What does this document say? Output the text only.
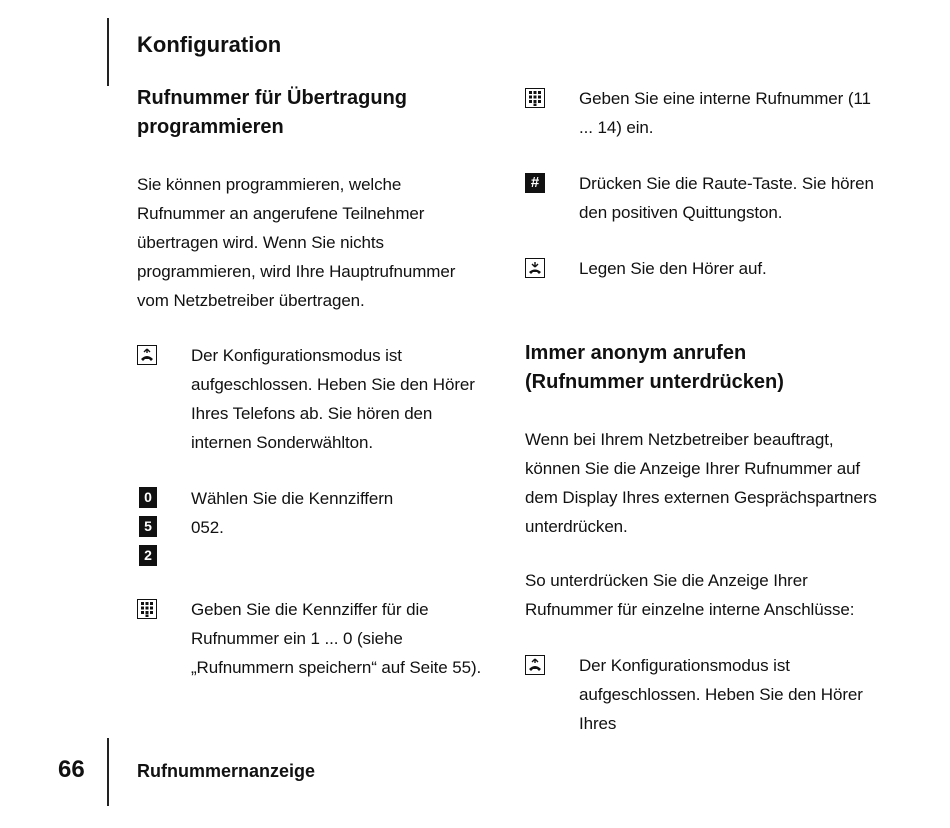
Konfiguration
Rufnummer für Übertragung programmieren

Sie können programmieren, welche Rufnummer an angerufene Teilnehmer übertragen wird. Wenn Sie nichts programmieren, wird Ihre Hauptrufnummer vom Netzbetreiber übertragen.

Der Konfigurationsmodus ist aufgeschlossen. Heben Sie den Hörer Ihres Telefons ab. Sie hören den internen Sonderwählton.

0
5
2

Wählen Sie die Kennziffern 052.

Geben Sie die Kennziffer für die Rufnummer ein 1 ... 0 (siehe „Rufnummern speichern“ auf Seite 55).

Geben Sie eine interne Rufnummer (11 ... 14) ein.

#	Drücken Sie die Raute-Taste. Sie hören den positiven Quittungston.

Legen Sie den Hörer auf.

Immer anonym anrufen (Rufnummer unterdrücken)

Wenn bei Ihrem Netzbetreiber beauftragt, können Sie die Anzeige Ihrer Rufnummer auf dem Display Ihres externen Gesprächspartners unterdrücken.

So unterdrücken Sie die Anzeige Ihrer Rufnummer für einzelne interne Anschlüsse:

Der Konfigurationsmodus ist aufgeschlossen. Heben Sie den Hörer Ihres

66	Rufnummernanzeige
